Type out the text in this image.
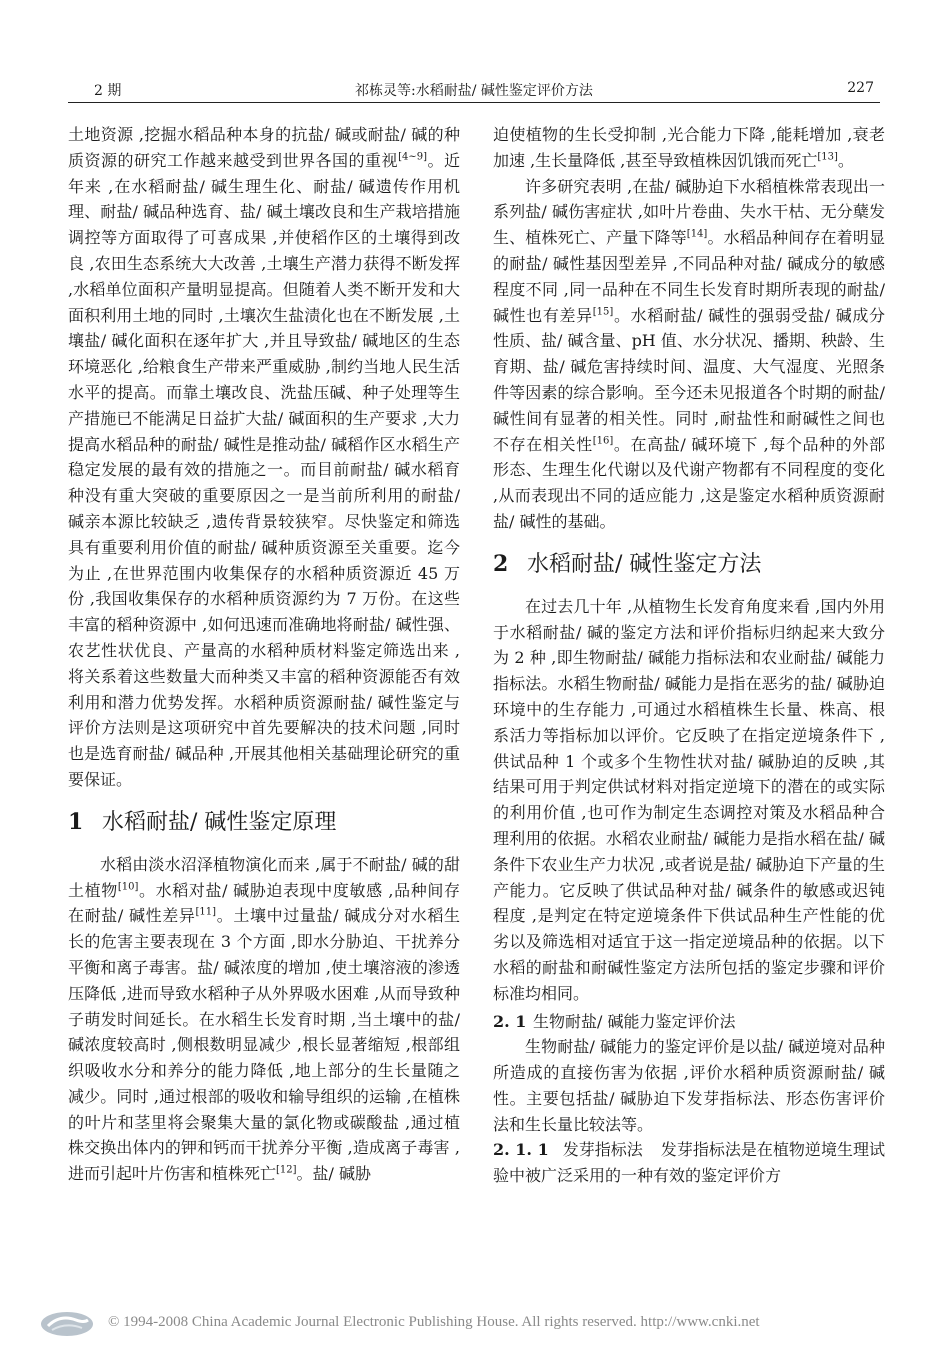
2 期	祁栋灵等:水稻耐盐/ 碱性鉴定评价方法	227

土地资源 ,挖掘水稻品种本身的抗盐/ 碱或耐盐/ 碱的种质资源的研究工作越来越受到世界各国的重视[4~9]。近年来 ,在水稻耐盐/ 碱生理生化、耐盐/ 碱遗传作用机理、耐盐/ 碱品种选育、盐/ 碱土壤改良和生产栽培措施调控等方面取得了可喜成果 ,并使稻作区的土壤得到改良 ,农田生态系统大大改善 ,土壤生产潜力获得不断发挥 ,水稻单位面积产量明显提高。但随着人类不断开发和大面积利用土地的同时 ,土壤次生盐渍化也在不断发展 ,土壤盐/ 碱化面积在逐年扩大 ,并且导致盐/ 碱地区的生态环境恶化 ,给粮食生产带来严重威胁 ,制约当地人民生活水平的提高。而靠土壤改良、洗盐压碱、种子处理等生产措施已不能满足日益扩大盐/ 碱面积的生产要求 ,大力提高水稻品种的耐盐/ 碱性是推动盐/ 碱稻作区水稻生产稳定发展的最有效的措施之一。而目前耐盐/ 碱水稻育种没有重大突破的重要原因之一是当前所利用的耐盐/ 碱亲本源比较缺乏 ,遗传背景较狭窄。尽快鉴定和筛选具有重要利用价值的耐盐/ 碱种质资源至关重要。迄今为止 ,在世界范围内收集保存的水稻种质资源近 45 万份 ,我国收集保存的水稻种质资源约为 7 万份。在这些丰富的稻种资源中 ,如何迅速而准确地将耐盐/ 碱性强、农艺性状优良、产量高的水稻种质材料鉴定筛选出来 ,将关系着这些数量大而种类又丰富的稻种资源能否有效利用和潜力优势发挥。水稻种质资源耐盐/ 碱性鉴定与评价方法则是这项研究中首先要解决的技术问题 ,同时也是选育耐盐/ 碱品种 ,开展其他相关基础理论研究的重要保证。

1 水稻耐盐/ 碱性鉴定原理

水稻由淡水沼泽植物演化而来 ,属于不耐盐/ 碱的甜土植物[10]。水稻对盐/ 碱胁迫表现中度敏感 ,品种间存在耐盐/ 碱性差异[11]。土壤中过量盐/ 碱成分对水稻生长的危害主要表现在 3 个方面 ,即水分胁迫、干扰养分平衡和离子毒害。盐/ 碱浓度的增加 ,使土壤溶液的渗透压降低 ,进而导致水稻种子从外界吸水困难 ,从而导致种子萌发时间延长。在水稻生长发育时期 ,当土壤中的盐/ 碱浓度较高时 ,侧根数明显减少 ,根长显著缩短 ,根部组织吸收水分和养分的能力降低 ,地上部分的生长量随之减少。同时 ,通过根部的吸收和输导组织的运输 ,在植株的叶片和茎里将会聚集大量的氯化物或碳酸盐 ,通过植株交换出体内的钾和钙而干扰养分平衡 ,造成离子毒害 ,进而引起叶片伤害和植株死亡[12]。盐/ 碱胁

迫使植物的生长受抑制 ,光合能力下降 ,能耗增加 ,衰老加速 ,生长量降低 ,甚至导致植株因饥饿而死亡[13]。

许多研究表明 ,在盐/ 碱胁迫下水稻植株常表现出一系列盐/ 碱伤害症状 ,如叶片卷曲、失水干枯、无分蘖发生、植株死亡、产量下降等[14]。水稻品种间存在着明显的耐盐/ 碱性基因型差异 ,不同品种对盐/ 碱成分的敏感程度不同 ,同一品种在不同生长发育时期所表现的耐盐/ 碱性也有差异[15]。水稻耐盐/ 碱性的强弱受盐/ 碱成分性质、盐/ 碱含量、pH 值、水分状况、播期、秧龄、生育期、盐/ 碱危害持续时间、温度、大气湿度、光照条件等因素的综合影响。至今还未见报道各个时期的耐盐/ 碱性间有显著的相关性。同时 ,耐盐性和耐碱性之间也不存在相关性[16]。在高盐/ 碱环境下 ,每个品种的外部形态、生理生化代谢以及代谢产物都有不同程度的变化 ,从而表现出不同的适应能力 ,这是鉴定水稻种质资源耐盐/ 碱性的基础。

2 水稻耐盐/ 碱性鉴定方法

在过去几十年 ,从植物生长发育角度来看 ,国内外用于水稻耐盐/ 碱的鉴定方法和评价指标归纳起来大致分为 2 种 ,即生物耐盐/ 碱能力指标法和农业耐盐/ 碱能力指标法。水稻生物耐盐/ 碱能力是指在恶劣的盐/ 碱胁迫环境中的生存能力 ,可通过水稻植株生长量、株高、根系活力等指标加以评价。它反映了在指定逆境条件下 ,供试品种 1 个或多个生物性状对盐/ 碱胁迫的反映 ,其结果可用于判定供试材料对指定逆境下的潜在的或实际的利用价值 ,也可作为制定生态调控对策及水稻品种合理利用的依据。水稻农业耐盐/ 碱能力是指水稻在盐/ 碱条件下农业生产力状况 ,或者说是盐/ 碱胁迫下产量的生产能力。它反映了供试品种对盐/ 碱条件的敏感或迟钝程度 ,是判定在特定逆境条件下供试品种生产性能的优劣以及筛选相对适宜于这一指定逆境品种的依据。以下水稻的耐盐和耐碱性鉴定方法所包括的鉴定步骤和评价标准均相同。

2. 1 生物耐盐/ 碱能力鉴定评价法

生物耐盐/ 碱能力的鉴定评价是以盐/ 碱逆境对品种所造成的直接伤害为依据 ,评价水稻种质资源耐盐/ 碱性。主要包括盐/ 碱胁迫下发芽指标法、形态伤害评价法和生长量比较法等。

2. 1. 1 发芽指标法 发芽指标法是在植物逆境生理试验中被广泛采用的一种有效的鉴定评价方

© 1994-2008 China Academic Journal Electronic Publishing House. All rights reserved. http://www.cnki.net
